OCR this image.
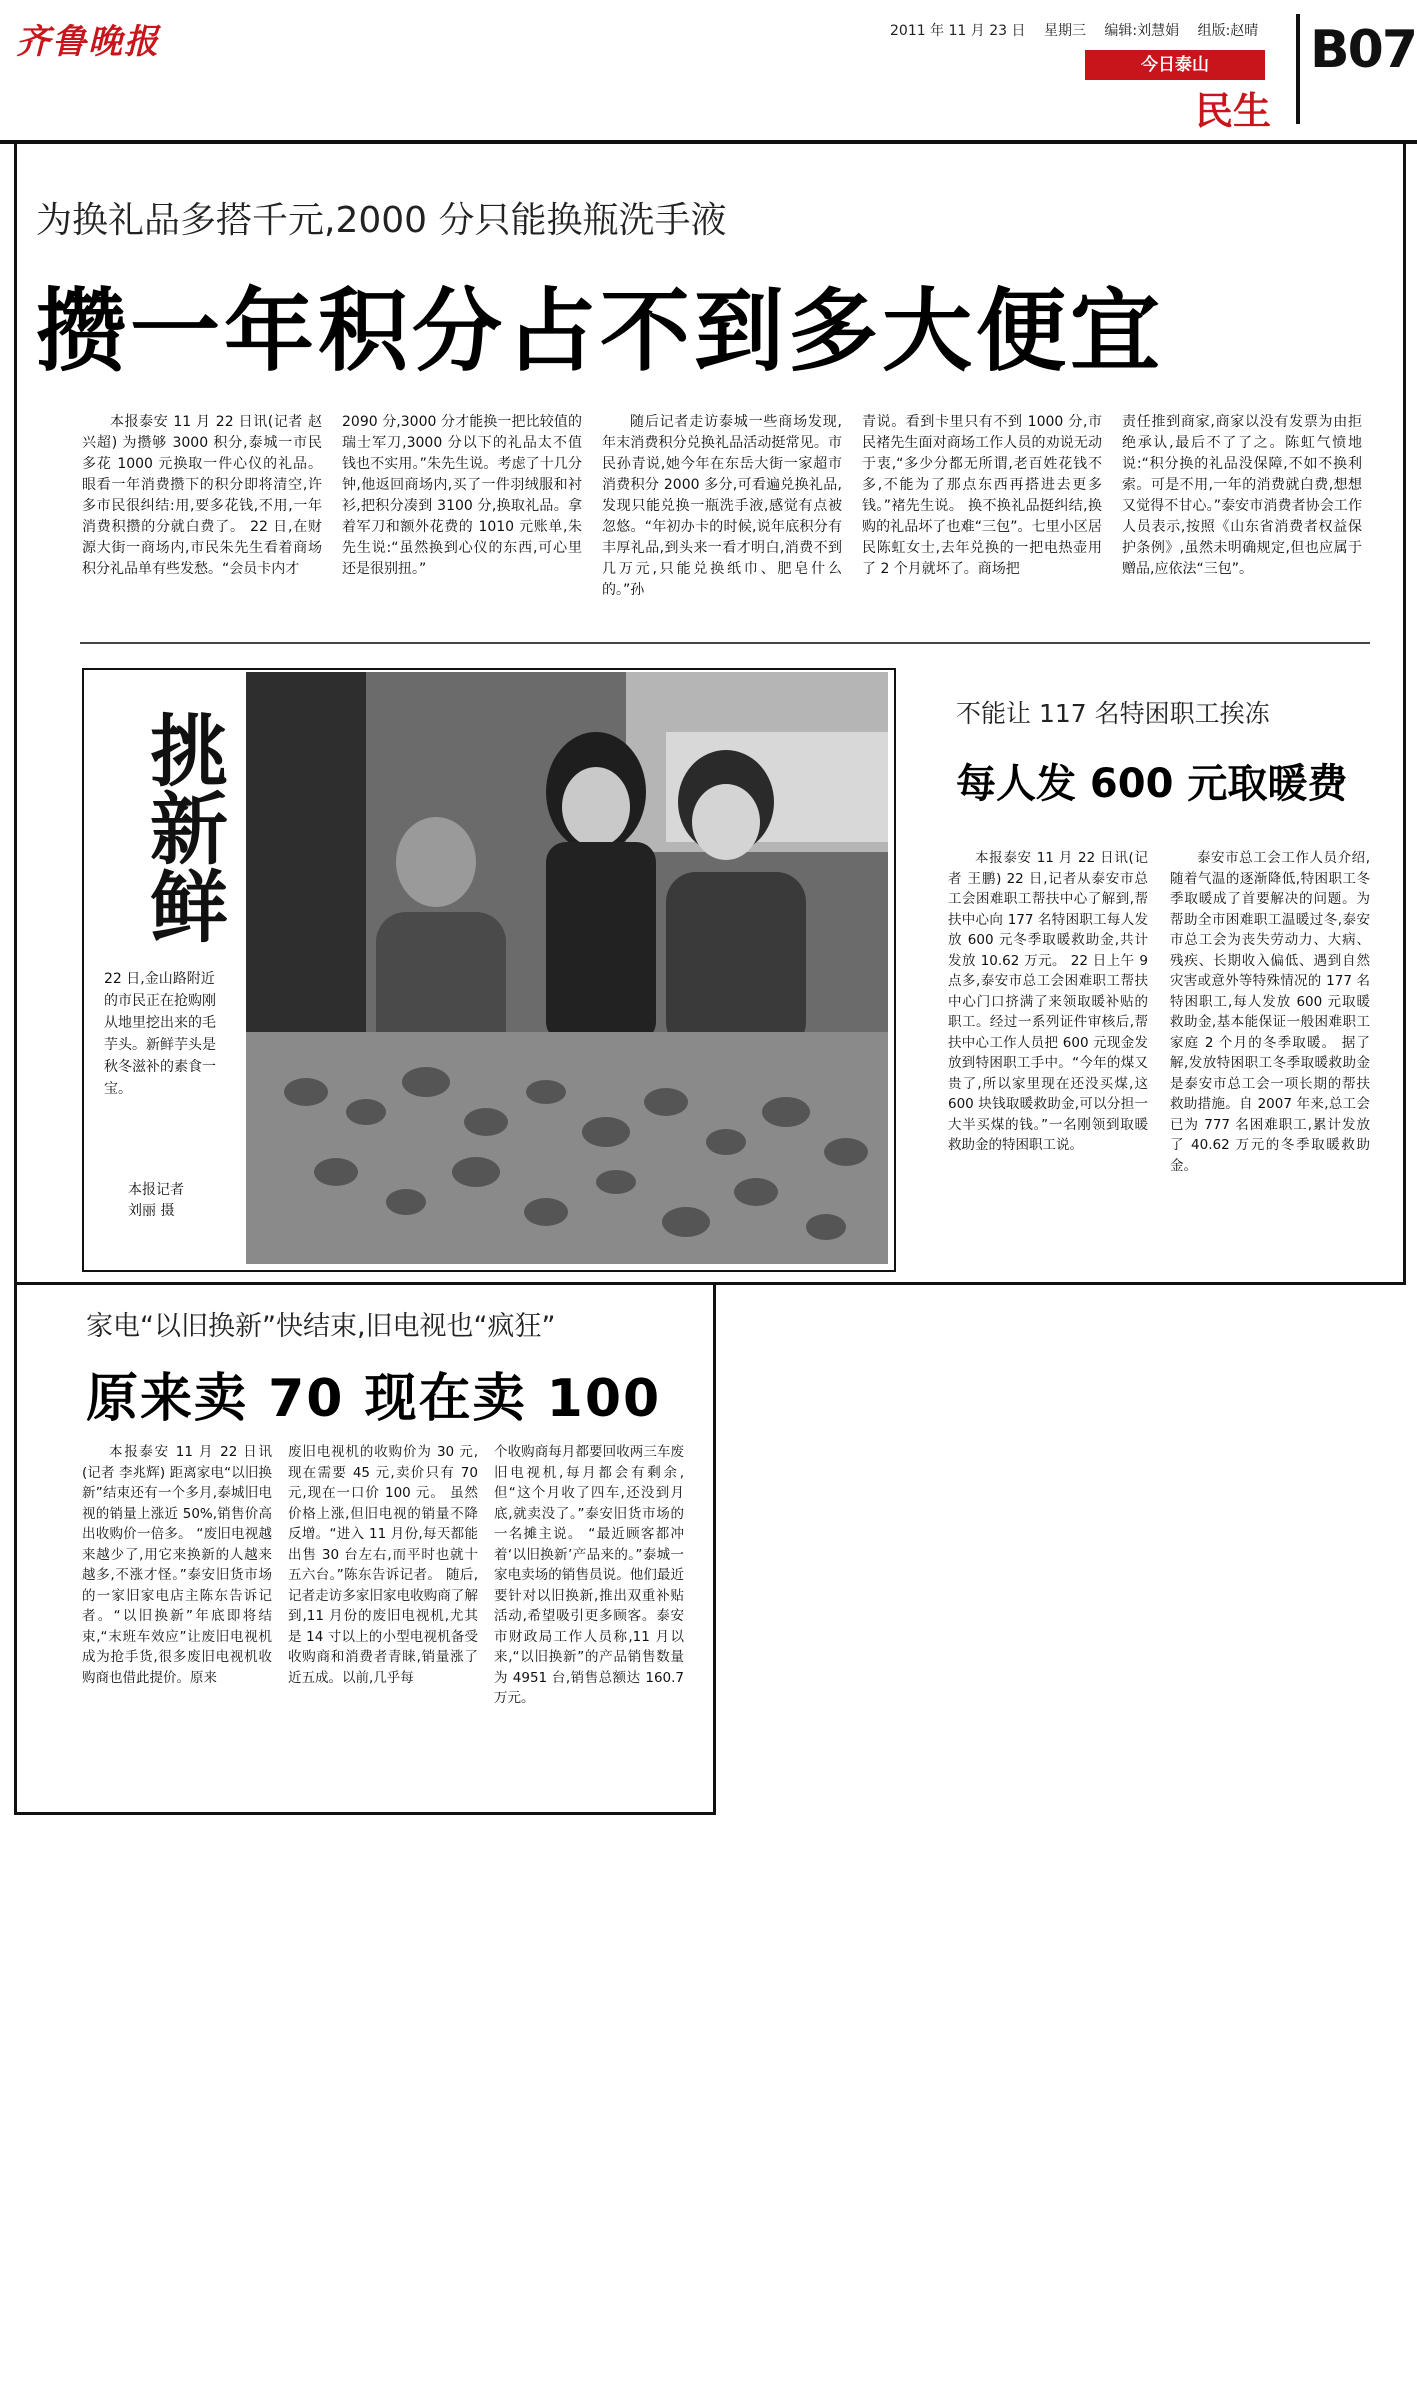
齐鲁晚报	2011 年 11 月 23 日 星期三 编辑:刘慧娟 组版:赵晴
今日泰山
民生
B07
为换礼品多搭千元,2000 分只能换瓶洗手液
攒一年积分占不到多大便宜

本报泰安 11 月 22 日讯(记者 赵兴超) 为攒够 3000 积分,泰城一市民多花 1000 元换取一件心仪的礼品。眼看一年消费攒下的积分即将清空,许多市民很纠结:用,要多花钱,不用,一年消费积攒的分就白费了。 22 日,在财源大街一商场内,市民朱先生看着商场积分礼品单有些发愁。“会员卡内才

2090 分,3000 分才能换一把比较值的瑞士军刀,3000 分以下的礼品太不值钱也不实用。”朱先生说。考虑了十几分钟,他返回商场内,买了一件羽绒服和衬衫,把积分凑到 3100 分,换取礼品。拿着军刀和额外花费的 1010 元账单,朱先生说:“虽然换到心仪的东西,可心里还是很别扭。”

随后记者走访泰城一些商场发现,年末消费积分兑换礼品活动挺常见。市民孙青说,她今年在东岳大街一家超市消费积分 2000 多分,可看遍兑换礼品,发现只能兑换一瓶洗手液,感觉有点被忽悠。“年初办卡的时候,说年底积分有丰厚礼品,到头来一看才明白,消费不到几万元,只能兑换纸巾、肥皂什么的。”孙

青说。看到卡里只有不到 1000 分,市民褚先生面对商场工作人员的劝说无动于衷,“多少分都无所谓,老百姓花钱不多,不能为了那点东西再搭进去更多钱。”褚先生说。 换不换礼品挺纠结,换购的礼品坏了也难“三包”。七里小区居民陈虹女士,去年兑换的一把电热壶用了 2 个月就坏了。商场把

责任推到商家,商家以没有发票为由拒绝承认,最后不了了之。陈虹气愤地说:“积分换的礼品没保障,不如不换利索。可是不用,一年的消费就白费,想想又觉得不甘心。”泰安市消费者协会工作人员表示,按照《山东省消费者权益保护条例》,虽然未明确规定,但也应属于赠品,应依法“三包”。

挑新鲜
22 日,金山路附近的市民正在抢购刚从地里挖出来的毛芋头。新鲜芋头是秋冬滋补的素食一宝。
本报记者
刘丽 摄
不能让 117 名特困职工挨冻
每人发 600 元取暖费

本报泰安 11 月 22 日讯(记者 王鹏) 22 日,记者从泰安市总工会困难职工帮扶中心了解到,帮扶中心向 177 名特困职工每人发放 600 元冬季取暖救助金,共计发放 10.62 万元。 22 日上午 9 点多,泰安市总工会困难职工帮扶中心门口挤满了来领取暖补贴的职工。经过一系列证件审核后,帮扶中心工作人员把 600 元现金发放到特困职工手中。“今年的煤又贵了,所以家里现在还没买煤,这 600 块钱取暖救助金,可以分担一大半买煤的钱。”一名刚领到取暖救助金的特困职工说。

泰安市总工会工作人员介绍,随着气温的逐渐降低,特困职工冬季取暖成了首要解决的问题。为帮助全市困难职工温暖过冬,泰安市总工会为丧失劳动力、大病、残疾、长期收入偏低、遇到自然灾害或意外等特殊情况的 177 名特困职工,每人发放 600 元取暖救助金,基本能保证一般困难职工家庭 2 个月的冬季取暖。 据了解,发放特困职工冬季取暖救助金是泰安市总工会一项长期的帮扶救助措施。自 2007 年来,总工会已为 777 名困难职工,累计发放了 40.62 万元的冬季取暖救助金。

家电“以旧换新”快结束,旧电视也“疯狂”
原来卖 70 现在卖 100

本报泰安 11 月 22 日讯(记者 李兆辉) 距离家电“以旧换新”结束还有一个多月,泰城旧电视的销量上涨近 50%,销售价高出收购价一倍多。 “废旧电视越来越少了,用它来换新的人越来越多,不涨才怪。”泰安旧货市场的一家旧家电店主陈东告诉记者。“以旧换新”年底即将结束,“末班车效应”让废旧电视机成为抢手货,很多废旧电视机收购商也借此提价。原来

废旧电视机的收购价为 30 元,现在需要 45 元,卖价只有 70 元,现在一口价 100 元。 虽然价格上涨,但旧电视的销量不降反增。“进入 11 月份,每天都能出售 30 台左右,而平时也就十五六台。”陈东告诉记者。 随后,记者走访多家旧家电收购商了解到,11 月份的废旧电视机,尤其是 14 寸以上的小型电视机备受收购商和消费者青睐,销量涨了近五成。以前,几乎每

个收购商每月都要回收两三车废旧电视机,每月都会有剩余,但“这个月收了四车,还没到月底,就卖没了。”泰安旧货市场的一名摊主说。 “最近顾客都冲着‘以旧换新’产品来的。”泰城一家电卖场的销售员说。他们最近要针对以旧换新,推出双重补贴活动,希望吸引更多顾客。泰安市财政局工作人员称,11 月以来,“以旧换新”的产品销售数量为 4951 台,销售总额达 160.7 万元。
